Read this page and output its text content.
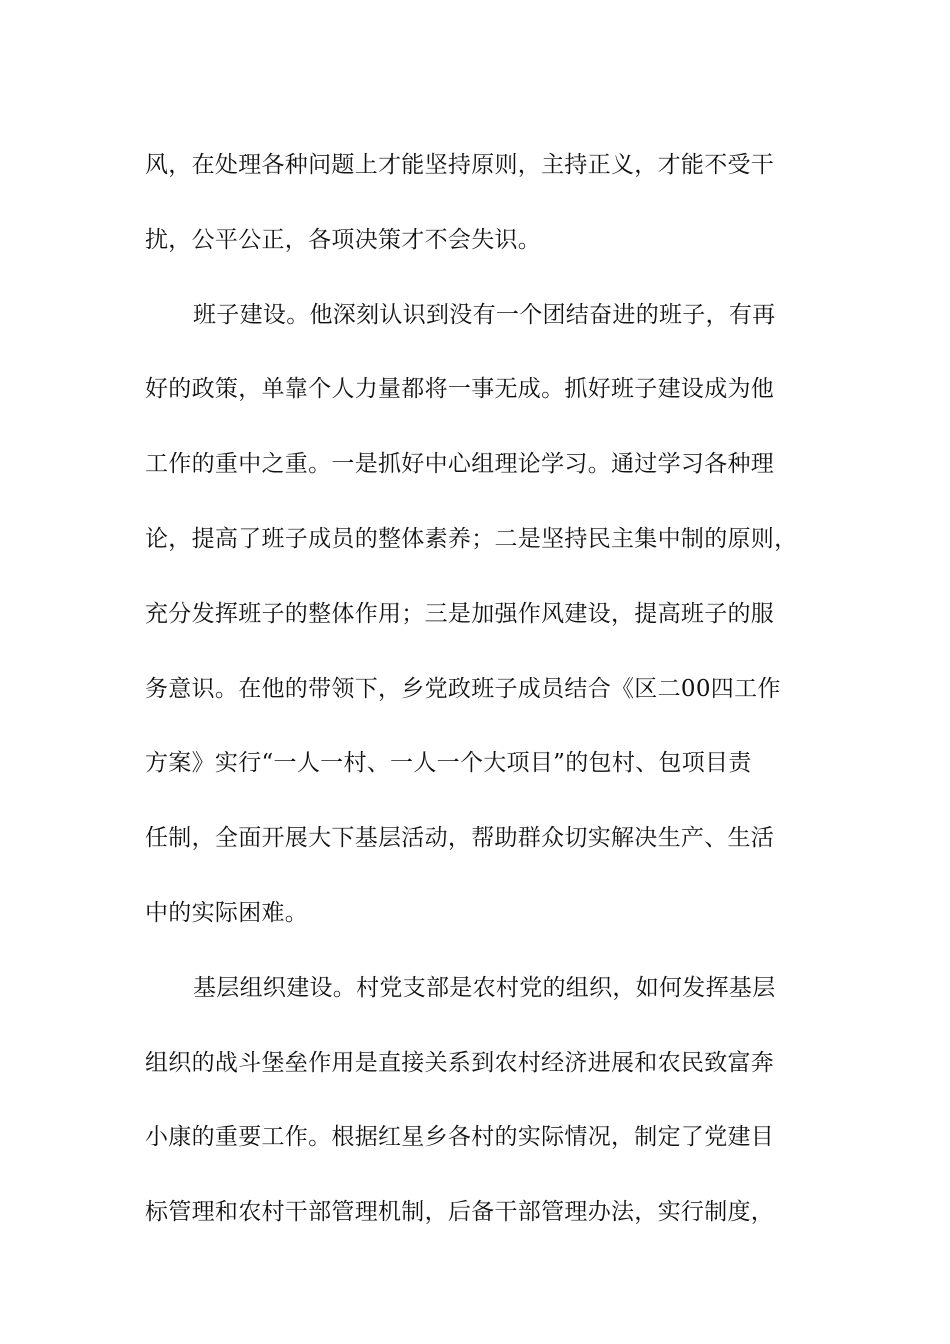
风，在处理各种问题上才能坚持原则，主持正义，才能不受干
扰，公平公正，各项决策才不会失识。
班子建设。他深刻认识到没有一个团结奋进的班子，有再
好的政策，单靠个人力量都将一事无成。抓好班子建设成为他
工作的重中之重。一是抓好中心组理论学习。通过学习各种理
论，提高了班子成员的整体素养；二是坚持民主集中制的原则，
充分发挥班子的整体作用；三是加强作风建设，提高班子的服
务意识。在他的带领下，乡党政班子成员结合《区二00四工作
方案》实行“一人一村、一人一个大项目”的包村、包项目责
任制，全面开展大下基层活动，帮助群众切实解决生产、生活
中的实际困难。
基层组织建设。村党支部是农村党的组织，如何发挥基层
组织的战斗堡垒作用是直接关系到农村经济进展和农民致富奔
小康的重要工作。根据红星乡各村的实际情况，制定了党建目
标管理和农村干部管理机制，后备干部管理办法，实行制度，
